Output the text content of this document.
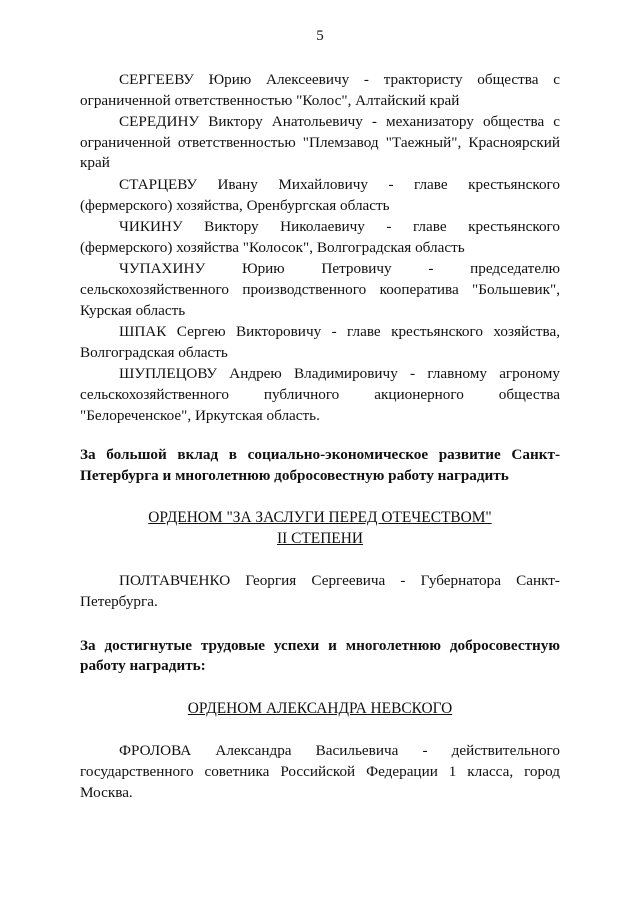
5

СЕРГЕЕВУ Юрию Алексеевичу - трактористу общества с ограниченной ответственностью "Колос", Алтайский край

СЕРЕДИНУ Виктору Анатольевичу - механизатору общества с ограниченной ответственностью "Племзавод "Таежный", Красноярский край

СТАРЦЕВУ Ивану Михайловичу - главе крестьянского (фермерского) хозяйства, Оренбургская область

ЧИКИНУ Виктору Николаевичу - главе крестьянского (фермерского) хозяйства "Колосок", Волгоградская область

ЧУПАХИНУ Юрию Петровичу - председателю сельскохозяйственного производственного кооператива "Большевик", Курская область

ШПАК Сергею Викторовичу - главе крестьянского хозяйства, Волгоградская область

ШУПЛЕЦОВУ Андрею Владимировичу - главному агроному сельскохозяйственного публичного акционерного общества "Белореченское", Иркутская область.

За большой вклад в социально-экономическое развитие Санкт-Петербурга и многолетнюю добросовестную работу наградить

ОРДЕНОМ "ЗА ЗАСЛУГИ ПЕРЕД ОТЕЧЕСТВОМ"

II СТЕПЕНИ

ПОЛТАВЧЕНКО Георгия Сергеевича - Губернатора Санкт-Петербурга.

За достигнутые трудовые успехи и многолетнюю добросовестную работу наградить:

ОРДЕНОМ АЛЕКСАНДРА НЕВСКОГО

ФРОЛОВА Александра Васильевича - действительного государственного советника Российской Федерации 1 класса, город Москва.
